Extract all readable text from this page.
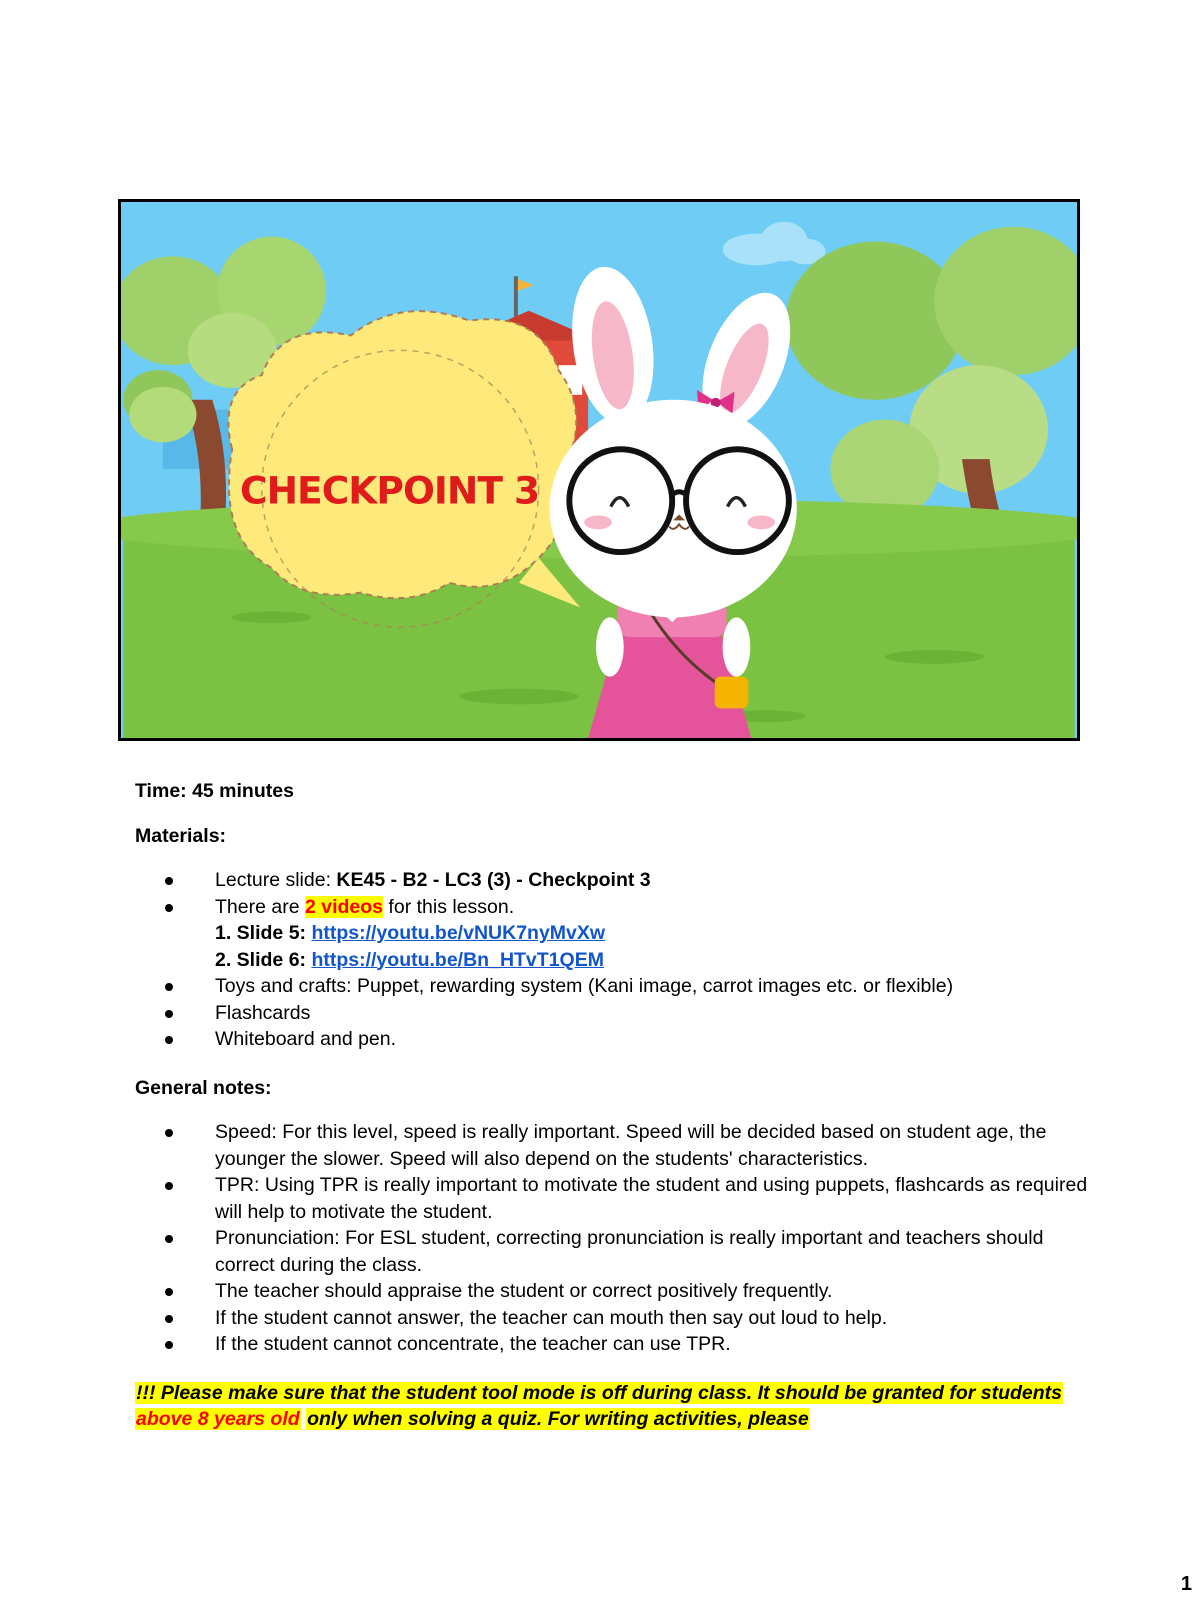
CHECKPOINT 3

Time: 45 minutes

Materials:

Lecture slide: KE45 - B2 - LC3 (3) - Checkpoint 3
There are 2 videos for this lesson.
1. Slide 5: https://youtu.be/vNUK7nyMvXw
2. Slide 6: https://youtu.be/Bn_HTvT1QEM
Toys and crafts: Puppet, rewarding system (Kani image, carrot images etc. or flexible)
Flashcards
Whiteboard and pen.

General notes:

Speed: For this level, speed is really important. Speed will be decided based on student age, the younger the slower. Speed will also depend on the students' characteristics.
TPR: Using TPR is really important to motivate the student and using puppets, flashcards as required will help to motivate the student.
Pronunciation: For ESL student, correcting pronunciation is really important and teachers should correct during the class.
The teacher should appraise the student or correct positively frequently.
If the student cannot answer, the teacher can mouth then say out loud to help.
If the student cannot concentrate, the teacher can use TPR.

!!! Please make sure that the student tool mode is off during class. It should be granted for students above 8 years old only when solving a quiz. For writing activities, please

1
